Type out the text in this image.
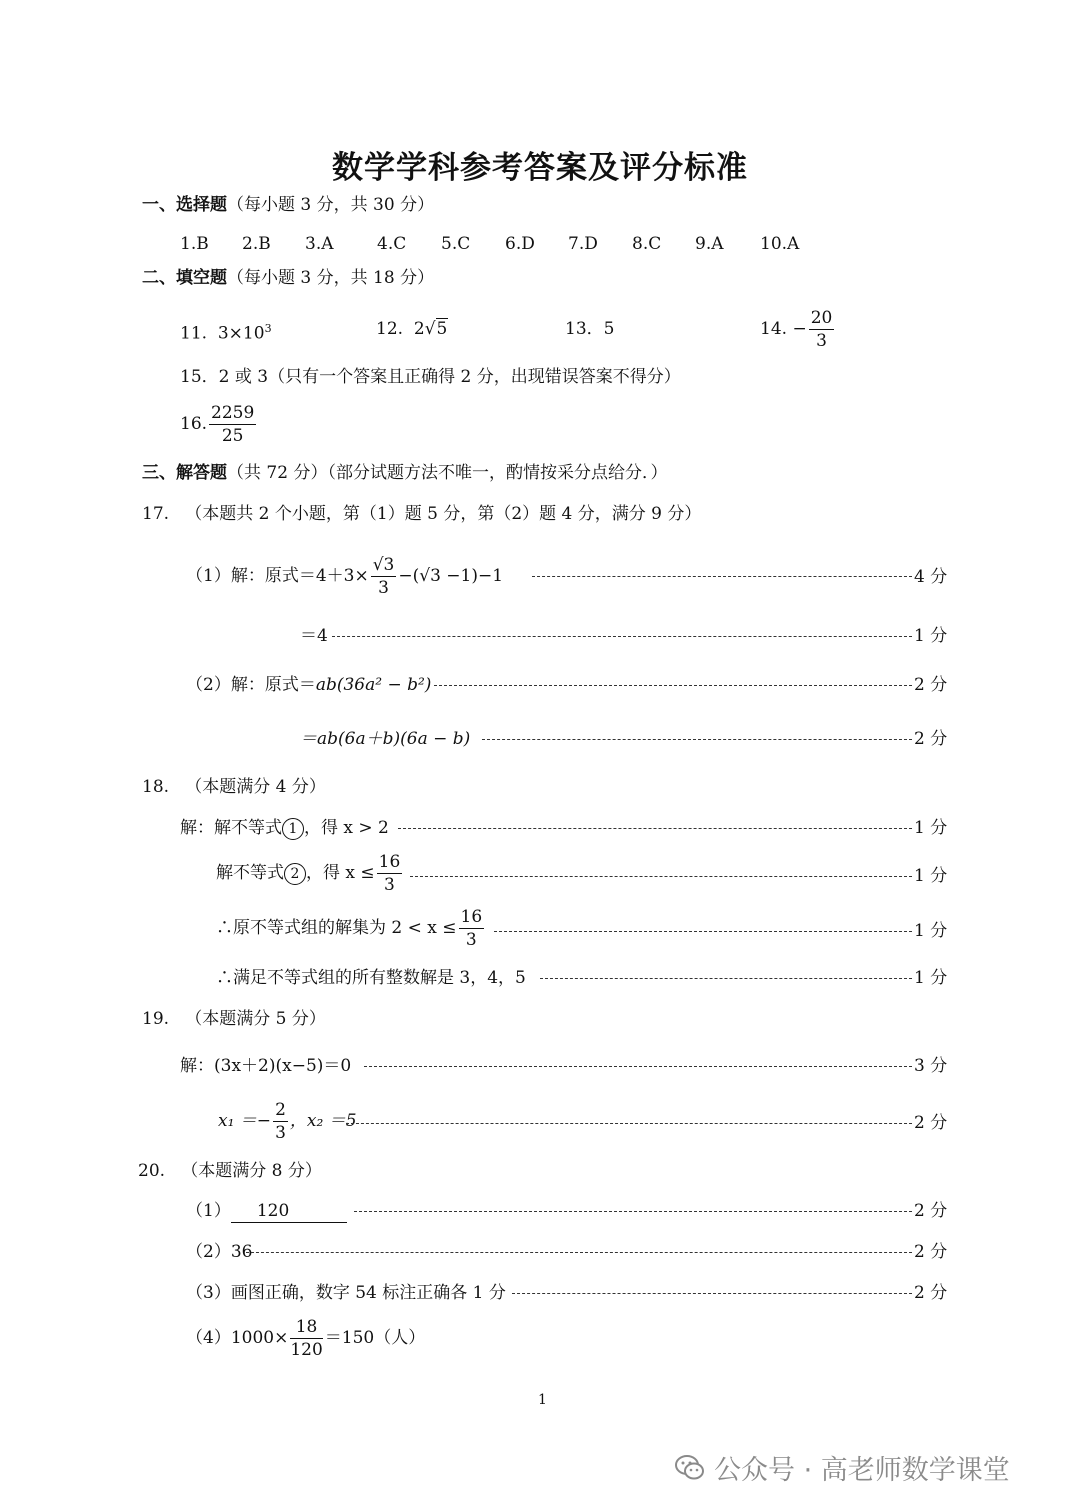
数学学科参考答案及评分标准
一、选择题（每小题 3 分，共 30 分）
1.B 2.B 3.A	4.C 5.C 6.D 7.D 8.C 9.A 10.A
二、填空题（每小题 3 分，共 18 分）
11. $3\times 10^3$	12. 2√5	13．5	14. − $\frac{20}{3}$
15．2 或 3（只有一个答案且正确得 2 分，出现错误答案不得分）
16. $\frac{2259}{25}$
三、解答题（共 72 分）（部分试题方法不唯一，酌情按采分点给分．）
17. （本题共 2 个小题，第（1）题 5 分，第（2）题 4 分，满分 9 分）
（1）解：原式$=4+3\times \frac{√3}{3} -(√3 -1)-1$	4 分
＝4	1 分
（2）解：原式＝ab(36a² − b²)	2 分
＝ab(6a＋b)(6a − b)	2 分
18. （本题满分 4 分）
解：解不等式 1 ，得 x > 2	1 分
解不等式 2 ，得 $x \le \frac{16}{3}$	1 分
∴原不等式组的解集为 $2 < x \le \frac{16}{3}$	1 分
∴满足不等式组的所有整数解是 3，4，5	1 分
19. （本题满分 5 分）
解：(3x＋2)(x−5)＝0	3 分
$x_1 =- \frac{2}{3}$ ，x₂ ＝5	2 分
20. （本题满分 8 分）
（1） 120	2 分
（2）36	2 分
（3）画图正确，数字 54 标注正确各 1 分	2 分
$(4)1000\times \frac{18}{120} =150$（人）
1
公众号 · 高老师数学课堂
